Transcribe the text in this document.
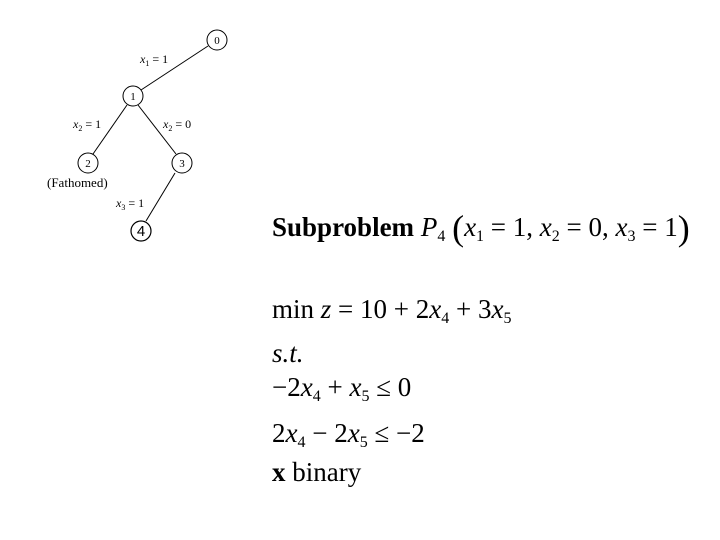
0
1
2	3
4
$x_1 = 1$
$x_2 = 1$	$x_2 = 0$
$x_3 = 1$
(Fathomed)
Subproblem $P_4$ ($x_1 = 1$, $x_2 = 0$, $x_3 = 1$)
$\min z = 10 + 2x_4 + 3x_5$
s.t.
$-2x_4 + x_5 \le 0$
$2x_4 - 2x_5 \le -2$
x binary
